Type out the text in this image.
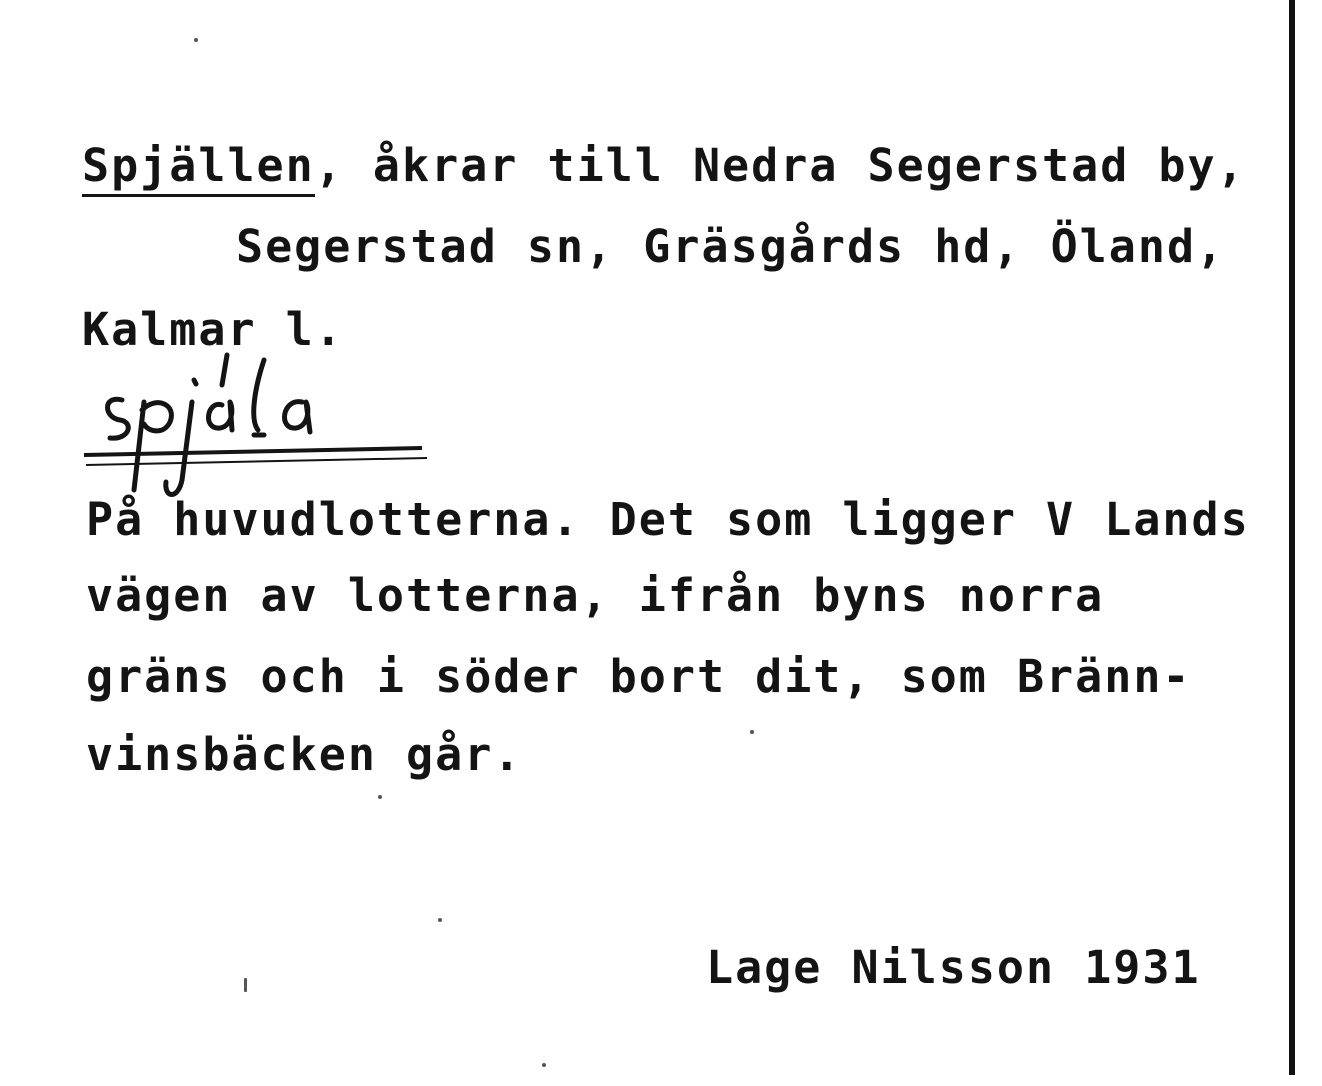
Spjällen, åkrar till Nedra Segerstad by,
Segerstad sn, Gräsgårds hd, Öland,
Kalmar l.
På huvudlotterna. Det som ligger V Lands
vägen av lotterna, ifrån byns norra
gräns och i söder bort dit, som Bränn-
vinsbäcken går.
Lage Nilsson 1931
